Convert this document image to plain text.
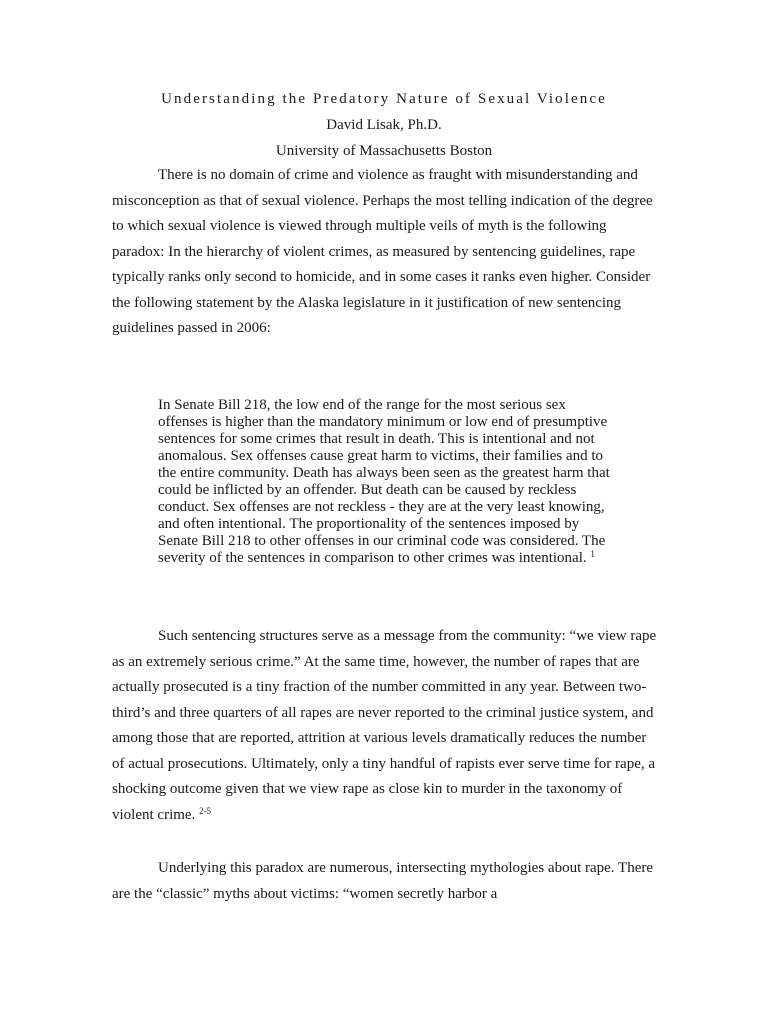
Understanding the Predatory Nature of Sexual Violence
David Lisak, Ph.D.
University of Massachusetts Boston

There is no domain of crime and violence as fraught with misunderstanding and misconception as that of sexual violence. Perhaps the most telling indication of the degree to which sexual violence is viewed through multiple veils of myth is the following paradox: In the hierarchy of violent crimes, as measured by sentencing guidelines, rape typically ranks only second to homicide, and in some cases it ranks even higher. Consider the following statement by the Alaska legislature in it justification of new sentencing guidelines passed in 2006:

In Senate Bill 218, the low end of the range for the most serious sex offenses is higher than the mandatory minimum or low end of presumptive sentences for some crimes that result in death. This is intentional and not anomalous. Sex offenses cause great harm to victims, their families and to the entire community. Death has always been seen as the greatest harm that could be inflicted by an offender. But death can be caused by reckless conduct. Sex offenses are not reckless - they are at the very least knowing, and often intentional. The proportionality of the sentences imposed by Senate Bill 218 to other offenses in our criminal code was considered. The severity of the sentences in comparison to other crimes was intentional. $^1$

Such sentencing structures serve as a message from the community: “we view rape as an extremely serious crime.” At the same time, however, the number of rapes that are actually prosecuted is a tiny fraction of the number committed in any year. Between two-third’s and three quarters of all rapes are never reported to the criminal justice system, and among those that are reported, attrition at various levels dramatically reduces the number of actual prosecutions. Ultimately, only a tiny handful of rapists ever serve time for rape, a shocking outcome given that we view rape as close kin to murder in the taxonomy of violent crime. $^{2-5}$

Underlying this paradox are numerous, intersecting mythologies about rape. There are the “classic” myths about victims: “women secretly harbor a
